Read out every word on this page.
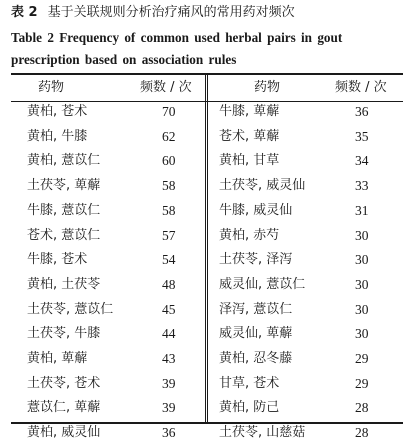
表 2 基于关联规则分析治疗痛风的常用药对频次
Table 2 Frequency of common used herbal pairs in gout
prescription based on association rules
药物	频数 / 次	药物	频数 / 次
黄柏, 苍术	70	牛膝, 萆薢	36
黄柏, 牛膝	62	苍术, 萆薢	35
黄柏, 薏苡仁	60	黄柏, 甘草	34
土茯苓, 萆薢	58	土茯苓, 威灵仙	33
牛膝, 薏苡仁	58	牛膝, 威灵仙	31
苍术, 薏苡仁	57	黄柏, 赤芍	30
牛膝, 苍术	54	土茯苓, 泽泻	30
黄柏, 土茯苓	48	威灵仙, 薏苡仁	30
土茯苓, 薏苡仁	45	泽泻, 薏苡仁	30
土茯苓, 牛膝	44	威灵仙, 萆薢	30
黄柏, 萆薢	43	黄柏, 忍冬藤	29
土茯苓, 苍术	39	甘草, 苍术	29
薏苡仁, 萆薢	39	黄柏, 防己	28
黄柏, 威灵仙	36	土茯苓, 山慈菇	28
